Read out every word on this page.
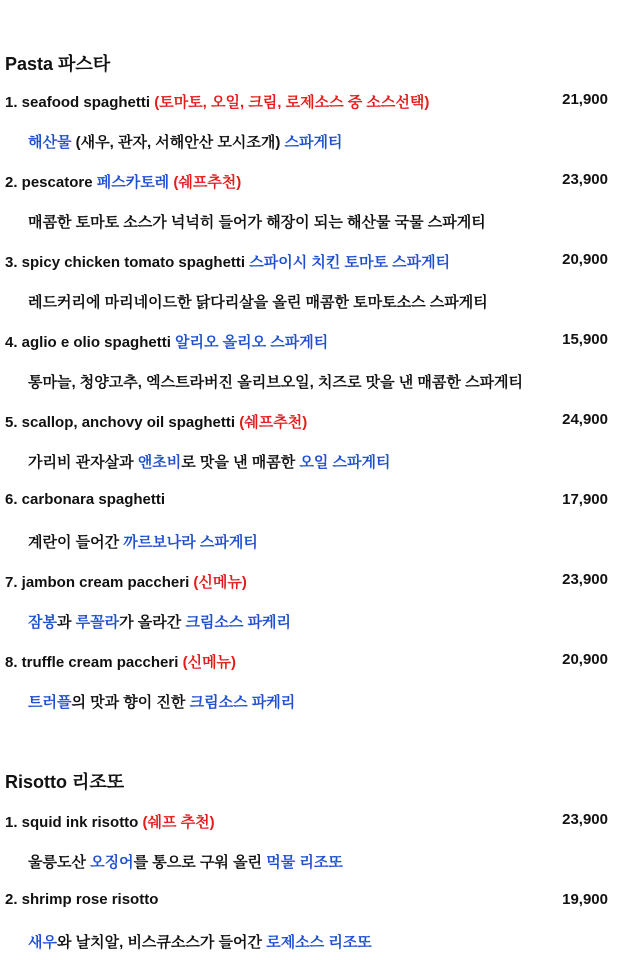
Pasta 파스타
1. seafood spaghetti (토마토, 오일, 크림, 로제소스 중 소스선택)	21,900
해산물 (새우, 관자, 서해안산 모시조개) 스파게티
2. pescatore 페스카토레 (쉐프추천)	23,900
매콤한 토마토 소스가 넉넉히 들어가 해장이 되는 해산물 국물 스파게티
3. spicy chicken tomato spaghetti 스파이시 치킨 토마토 스파게티	20,900
레드커리에 마리네이드한 닭다리살을 올린 매콤한 토마토소스 스파게티
4. aglio e olio spaghetti 알리오 올리오 스파게티	15,900
통마늘, 청양고추, 엑스트라버진 올리브오일, 치즈로 맛을 낸 매콤한 스파게티
5. scallop, anchovy oil spaghetti (쉐프추천)	24,900
가리비 관자살과 앤초비로 맛을 낸 매콤한 오일 스파게티
6. carbonara spaghetti	17,900
계란이 들어간 까르보나라 스파게티
7. jambon cream paccheri (신메뉴)	23,900
잠봉과 루꼴라가 올라간 크림소스 파케리
8. truffle cream paccheri (신메뉴)	20,900
트러플의 맛과 향이 진한 크림소스 파케리
Risotto 리조또
1. squid ink risotto (쉐프 추천)	23,900
울릉도산 오징어를 통으로 구워 올린 먹물 리조또
2. shrimp rose risotto	19,900
새우와 날치알, 비스큐소스가 들어간 로제소스 리조또
